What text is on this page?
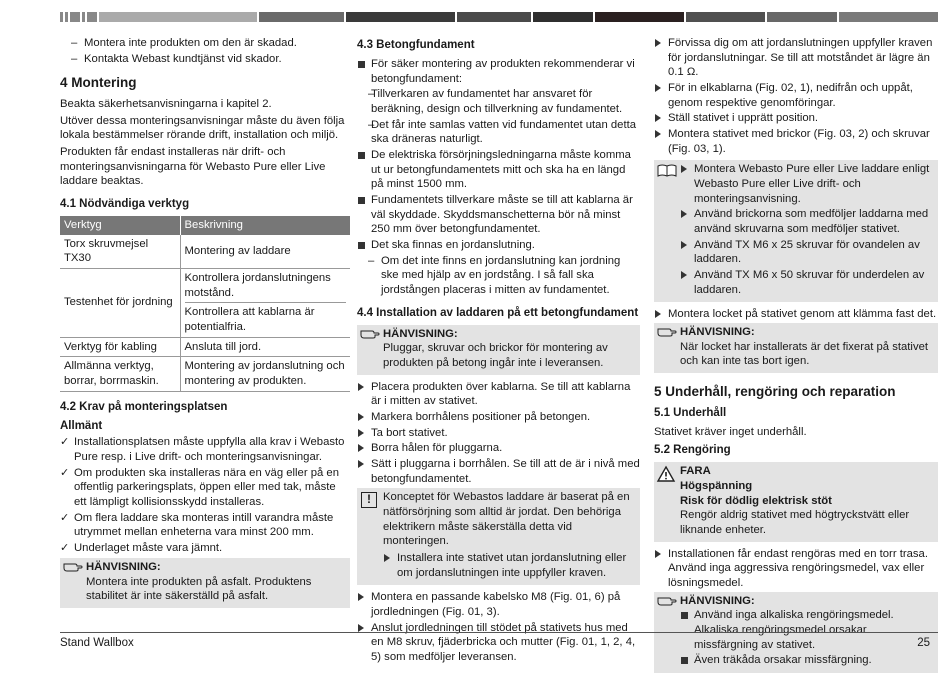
– Montera inte produkten om den är skadad.
– Kontakta Webast kundtjänst vid skador.
4 Montering

Beakta säkerhetsanvisningarna i kapitel 2.

Utöver dessa monteringsanvisningar måste du även följa lokala bestämmelser rörande drift, installation och miljö.

Produkten får endast installeras när drift- och monteringsanvisningarna för Webasto Pure eller Live laddare beaktas.

4.1 Nödvändiga verktyg
Verktyg	Beskrivning
Torx skruvmejsel TX30	Montering av laddare

Testenhet för jordning	Kontrollera jordanslutningens motstånd.
Kontrollera att kablarna är potentialfria.

Verktyg för kabling	Ansluta till jord.

Allmänna verktyg, borrar, borrmaskin.	Montering av jordanslutning och montering av produkten.
4.2 Krav på monteringsplatsen
Allmänt
✓ Installationsplatsen måste uppfylla alla krav i Webasto Pure resp. i Live drift- och monteringsanvisningar.
✓ Om produkten ska installeras nära en väg eller på en offentlig parkeringsplats, öppen eller med tak, måste ett lämpligt kollisionsskydd installeras.
✓ Om flera laddare ska monteras intill varandra måste utrymmet mellan enheterna vara minst 200 mm.
✓ Underlaget måste vara jämnt.
HÄNVISNING:
Montera inte produkten på asfalt. Produktens stabilitet är inte säkerställd på asfalt.
4.3 Betongfundament
För säker montering av produkten rekommenderar vi betongfundament:
– Tillverkaren av fundamentet har ansvaret för beräkning, design och tillverkning av fundamentet.
– Det får inte samlas vatten vid fundamentet utan detta ska dräneras naturligt.
De elektriska försörjningsledningarna måste komma ut ur betongfundamentets mitt och ska ha en längd på minst 1500 mm.
Fundamentets tillverkare måste se till att kablarna är väl skyddade. Skyddsmanschetterna bör nå minst 250 mm över betongfundamentet.
Det ska finnas en jordanslutning.
– Om det inte finns en jordanslutning kan jordning ske med hjälp av en jordstång. I så fall ska jordstången placeras i mitten av fundamentet.
4.4 Installation av laddaren på ett betongfundament
HÄNVISNING:
Pluggar, skruvar och brickor för montering av produkten på betong ingår inte i leveransen.
Placera produkten över kablarna. Se till att kablarna är i mitten av stativet.
Markera borrhålens positioner på betongen.
Ta bort stativet.
Borra hålen för pluggarna.
Sätt i pluggarna i borrhålen. Se till att de är i nivå med betongfundamentet.
!	Konceptet för Webastos laddare är baserat på en nätförsörjning som alltid är jordat. Den behöriga elektrikern måste säkerställa detta vid monteringen.
Installera inte stativet utan jordanslutning eller om jordanslutningen inte uppfyller kraven.
Montera en passande kabelsko M8 (Fig. 01, 6) på jordledningen (Fig. 01, 3).
Anslut jordledningen till stödet på stativets hus med en M8 skruv, fjäderbricka och mutter (Fig. 01, 1, 2, 4, 5) som medföljer leveransen.
Förvissa dig om att jordanslutningen uppfyller kraven för jordanslutningar. Se till att motståndet är lägre än 0.1 Ω.
För in elkablarna (Fig. 02, 1), nedifrån och uppåt, genom respektive genomföringar.
Ställ stativet i upprätt position.
Montera stativet med brickor (Fig. 03, 2) och skruvar (Fig. 03, 1).
Montera Webasto Pure eller Live laddare enligt Webasto Pure eller Live drift- och monteringsanvisning.
Använd brickorna som medföljer laddarna med använd skruvarna som medföljer stativet.
Använd TX M6 x 25 skruvar för ovandelen av laddaren.
Använd TX M6 x 50 skruvar för underdelen av laddaren.
Montera locket på stativet genom att klämma fast det.
HÄNVISNING:
När locket har installerats är det fixerat på stativet och kan inte tas bort igen.
5 Underhåll, rengöring och reparation
5.1 Underhåll

Stativet kräver inget underhåll.

5.2 Rengöring
FARA
Högspänning
Risk för dödlig elektrisk stöt
Rengör aldrig stativet med högtryckstvätt eller liknande enheter.
Installationen får endast rengöras med en torr trasa. Använd inga aggressiva rengöringsmedel, vax eller lösningsmedel.
HÄNVISNING:
Använd inga alkaliska rengöringsmedel. Alkaliska rengöringsmedel orsakar missfärgning av stativet.
Även träkåda orsakar missfärgning.
Stand Wallbox	25
